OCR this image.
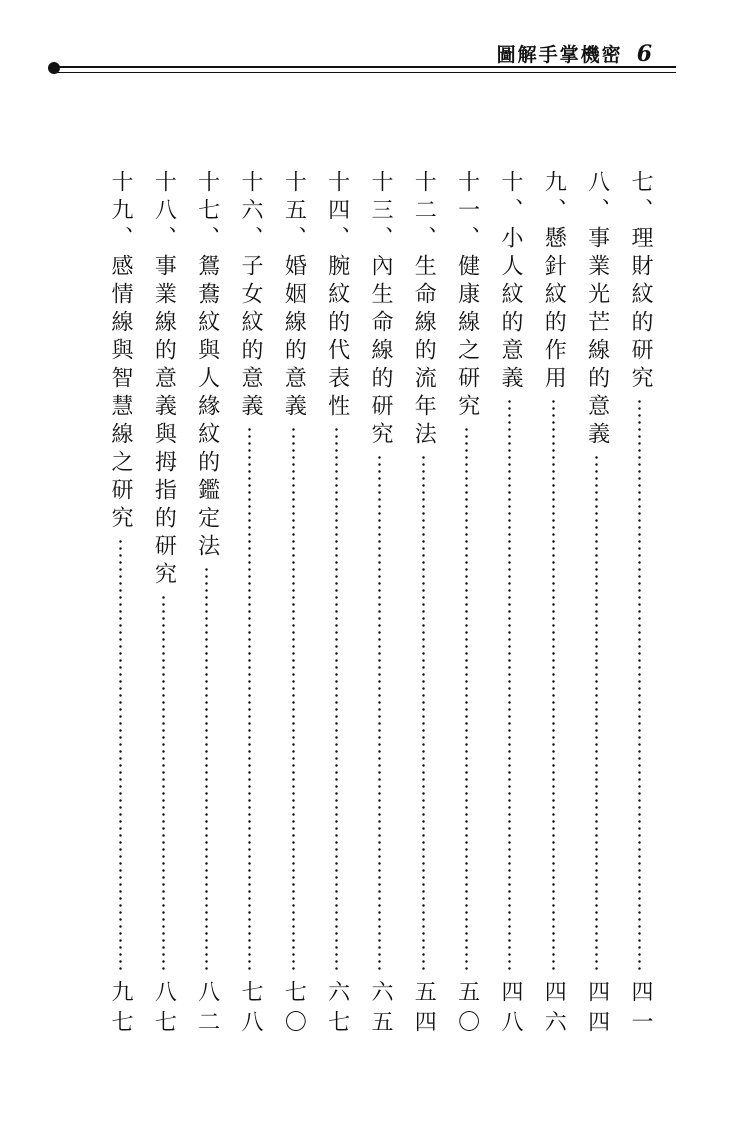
圖解手掌機密 6
七、
理財紋的研究
四一
八、
事業光芒線的意義
四四
九、
懸針紋的作用
四六
十、
小人紋的意義
四八
十一、
健康線之研究
五〇
十二、
生命線的流年法
五四
十三、
內生命線的研究
六五
十四、
腕紋的代表性
六七
十五、
婚姻線的意義
七〇
十六、
子女紋的意義
七八
十七、
鴛鴦紋與人緣紋的鑑定法
八二
十八、
事業線的意義與拇指的研究
八七
十九、
感情線與智慧線之研究
九七
